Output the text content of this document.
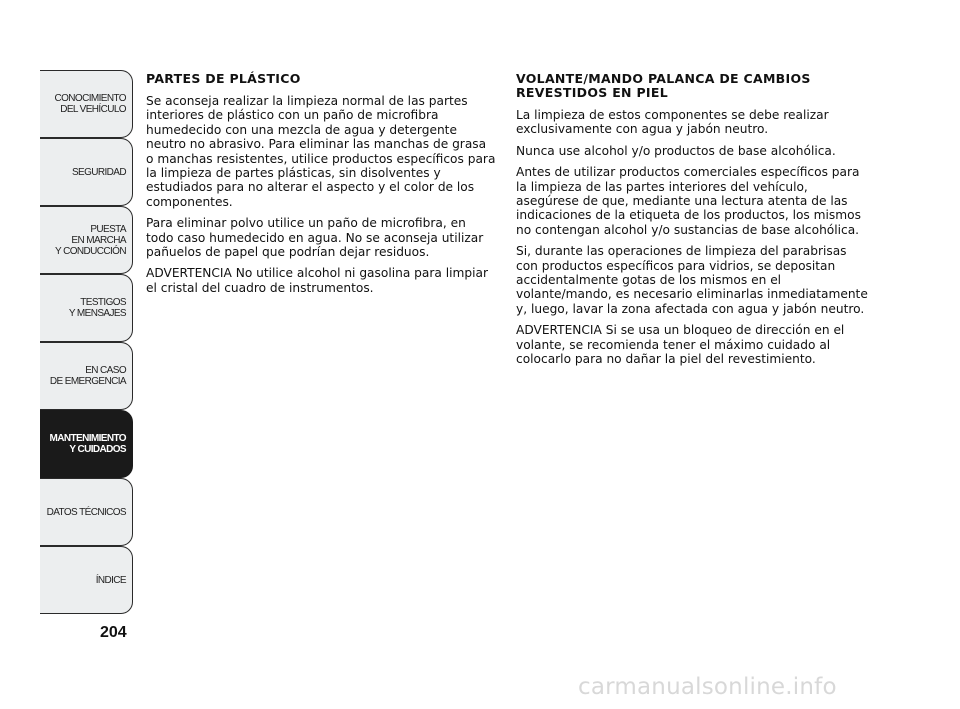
CONOCIMIENTO
DEL VEHÍCULO
SEGURIDAD
PUESTA
EN MARCHA
Y CONDUCCIÓN
TESTIGOS
Y MENSAJES
EN CASO
DE EMERGENCIA
MANTENIMIENTO
Y CUIDADOS
DATOS TÉCNICOS
ÍNDICE
204
PARTES DE PLÁSTICO

Se aconseja realizar la limpieza normal de las partes interiores de plástico con un paño de microfibra humedecido con una mezcla de agua y detergente neutro no abrasivo. Para eliminar las manchas de grasa o manchas resistentes, utilice productos específicos para la limpieza de partes plásticas, sin disolventes y estudiados para no alterar el aspecto y el color de los componentes.

Para eliminar polvo utilice un paño de microfibra, en todo caso humedecido en agua. No se aconseja utilizar pañuelos de papel que podrían dejar residuos.

ADVERTENCIA No utilice alcohol ni gasolina para limpiar el cristal del cuadro de instrumentos.

VOLANTE/MANDO PALANCA DE CAMBIOS REVESTIDOS EN PIEL

La limpieza de estos componentes se debe realizar exclusivamente con agua y jabón neutro.

Nunca use alcohol y/o productos de base alcohólica.

Antes de utilizar productos comerciales específicos para la limpieza de las partes interiores del vehículo, asegúrese de que, mediante una lectura atenta de las indicaciones de la etiqueta de los productos, los mismos no contengan alcohol y/o sustancias de base alcohólica.

Si, durante las operaciones de limpieza del parabrisas con productos específicos para vidrios, se depositan accidentalmente gotas de los mismos en el volante/mando, es necesario eliminarlas inmediatamente y, luego, lavar la zona afectada con agua y jabón neutro.

ADVERTENCIA Si se usa un bloqueo de dirección en el volante, se recomienda tener el máximo cuidado al colocarlo para no dañar la piel del revestimiento.

carmanualsonline.info
